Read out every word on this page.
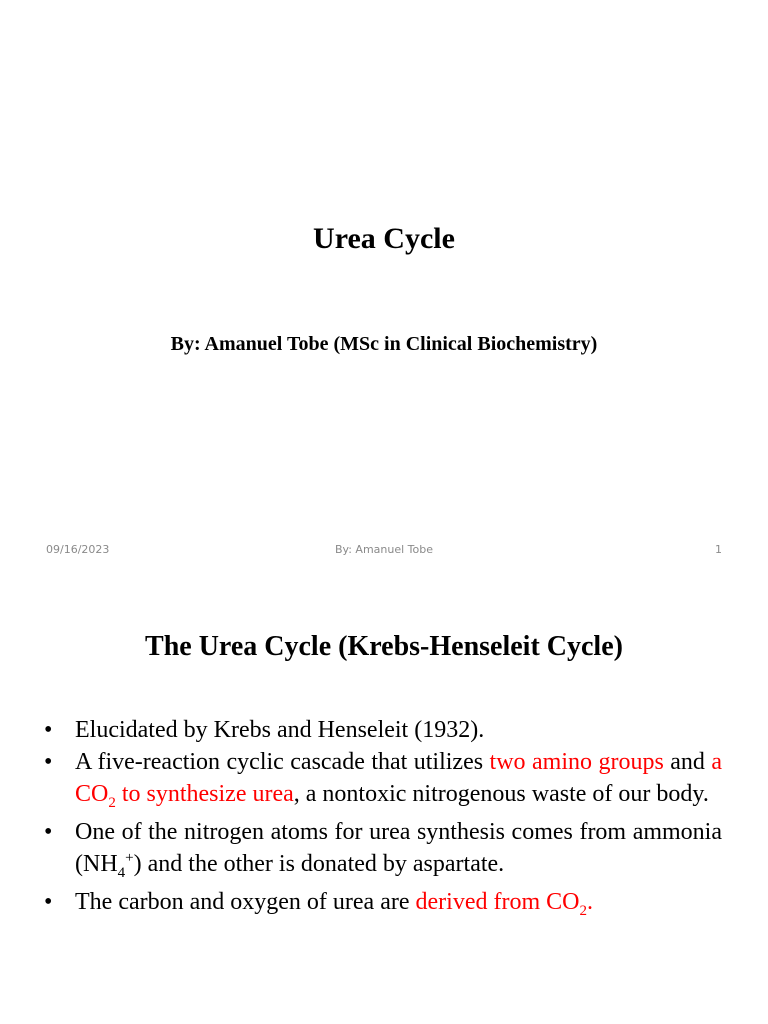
Urea Cycle
By: Amanuel Tobe (MSc in Clinical Biochemistry)
09/16/2023	By: Amanuel Tobe	1
The Urea Cycle (Krebs-Henseleit Cycle)
• Elucidated by Krebs and Henseleit (1932).
• A five-reaction cyclic cascade that utilizes two amino groups and a $CO_2$ to synthesize urea, a nontoxic nitrogenous waste of our body.
• One of the nitrogen atoms for urea synthesis comes from ammonia $(NH_4^+)$ and the other is donated by aspartate.
• The carbon and oxygen of urea are derived from $CO_2$.
